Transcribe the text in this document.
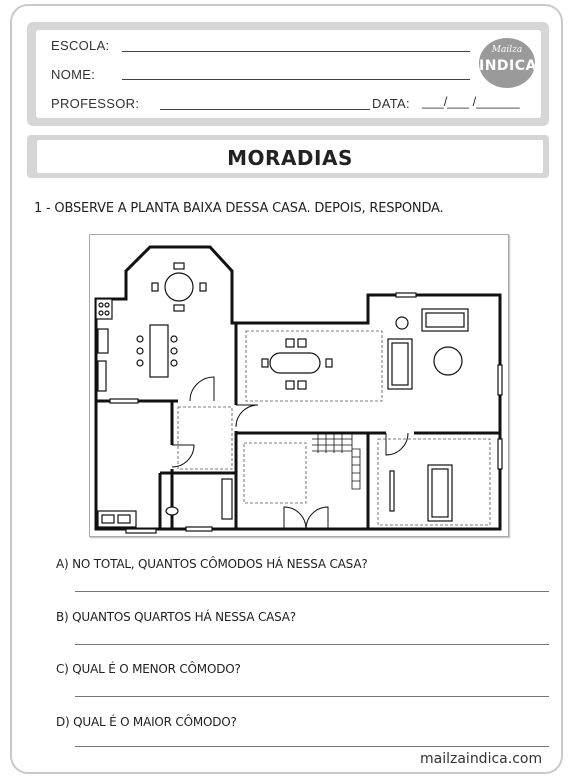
ESCOLA:
NOME:
PROFESSOR:	DATA: ___/___ /______
Mailza
INDICA
MORADIAS
1 - OBSERVE A PLANTA BAIXA DESSA CASA. DEPOIS, RESPONDA.
A) NO TOTAL, QUANTOS CÔMODOS HÁ NESSA CASA?
B) QUANTOS QUARTOS HÁ NESSA CASA?
C) QUAL É O MENOR CÔMODO?
D) QUAL É O MAIOR CÔMODO?
mailzaindica.com
